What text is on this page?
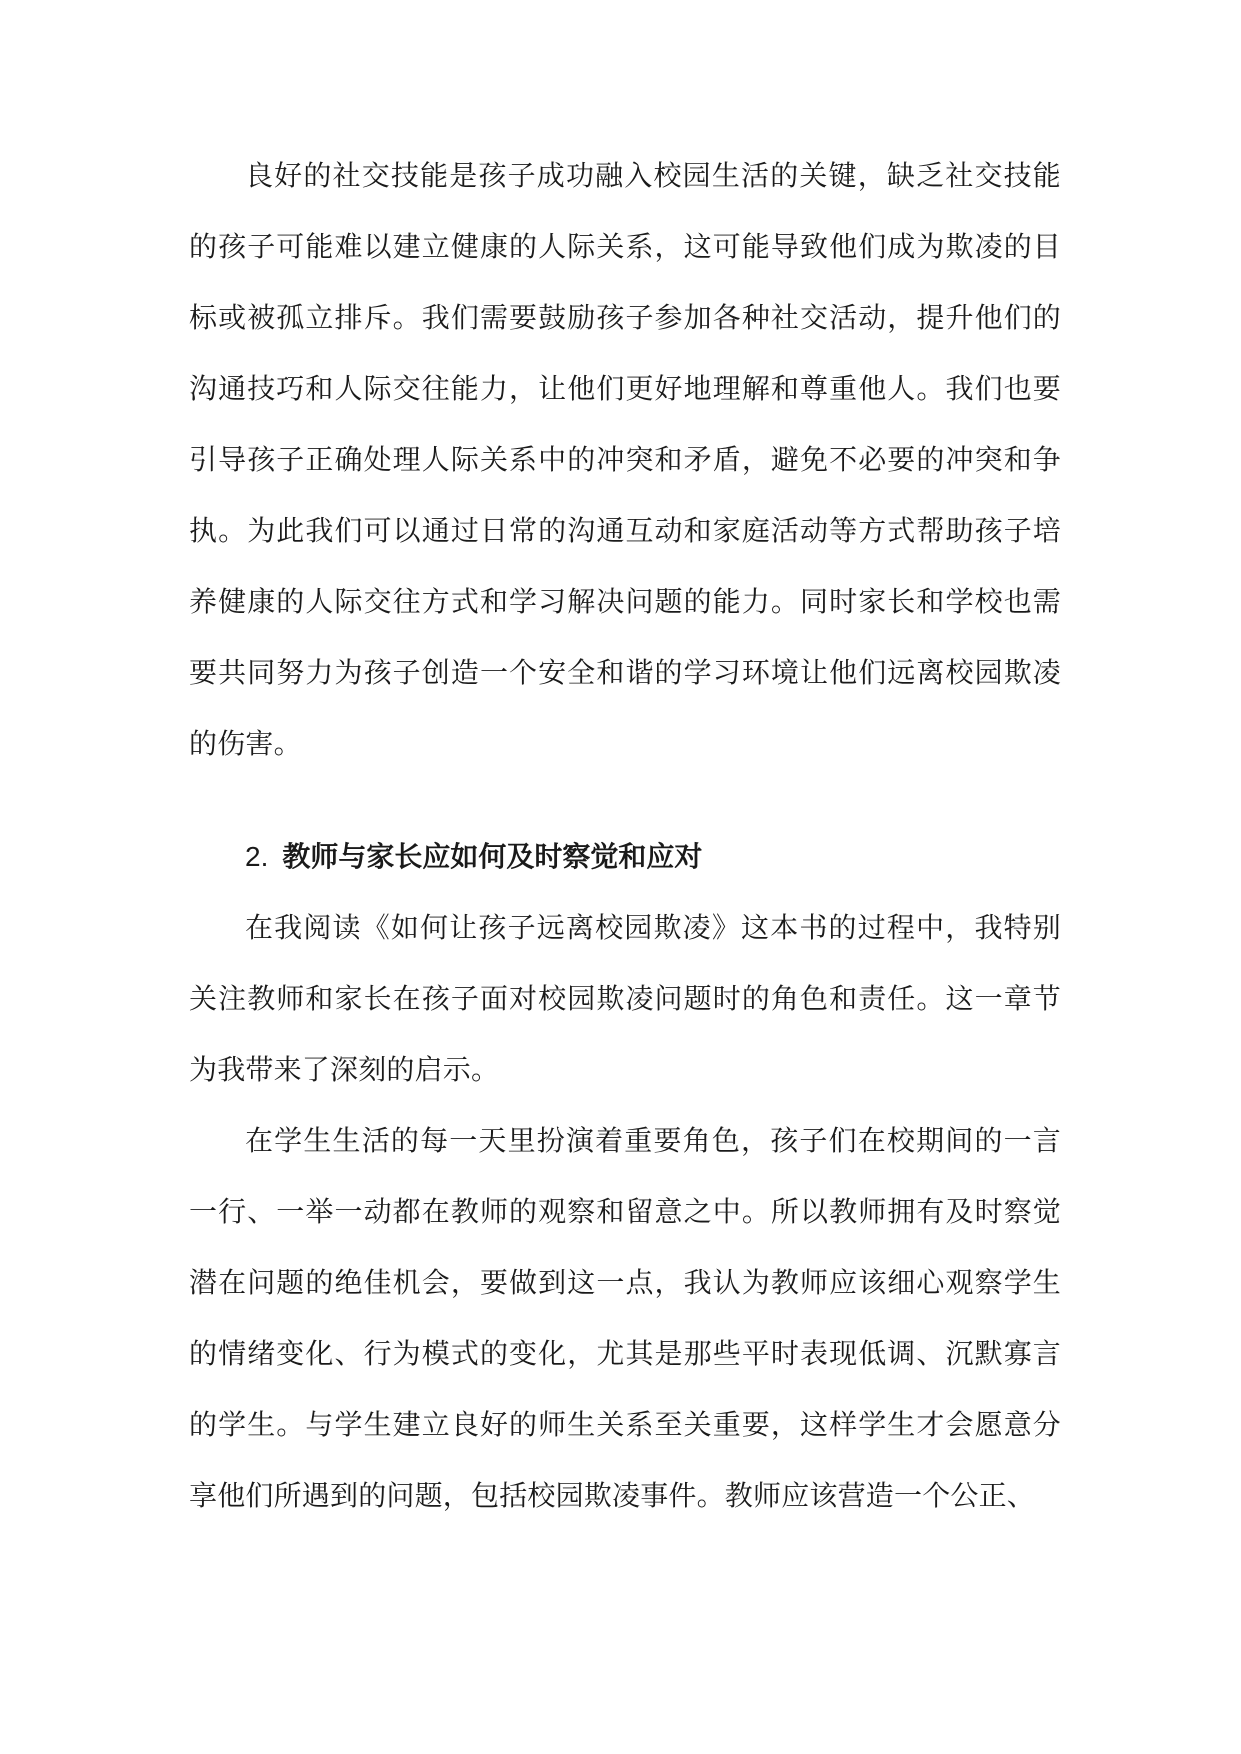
良好的社交技能是孩子成功融入校园生活的关键，缺乏社交技能的孩子可能难以建立健康的人际关系，这可能导致他们成为欺凌的目标或被孤立排斥。我们需要鼓励孩子参加各种社交活动，提升他们的沟通技巧和人际交往能力，让他们更好地理解和尊重他人。我们也要引导孩子正确处理人际关系中的冲突和矛盾，避免不必要的冲突和争执。为此我们可以通过日常的沟通互动和家庭活动等方式帮助孩子培养健康的人际交往方式和学习解决问题的能力。同时家长和学校也需要共同努力为孩子创造一个安全和谐的学习环境让他们远离校园欺凌的伤害。

2. 教师与家长应如何及时察觉和应对

在我阅读《如何让孩子远离校园欺凌》这本书的过程中，我特别关注教师和家长在孩子面对校园欺凌问题时的角色和责任。这一章节为我带来了深刻的启示。

在学生生活的每一天里扮演着重要角色，孩子们在校期间的一言一行、一举一动都在教师的观察和留意之中。所以教师拥有及时察觉潜在问题的绝佳机会，要做到这一点，我认为教师应该细心观察学生的情绪变化、行为模式的变化，尤其是那些平时表现低调、沉默寡言的学生。与学生建立良好的师生关系至关重要，这样学生才会愿意分享他们所遇到的问题，包括校园欺凌事件。教师应该营造一个公正、
